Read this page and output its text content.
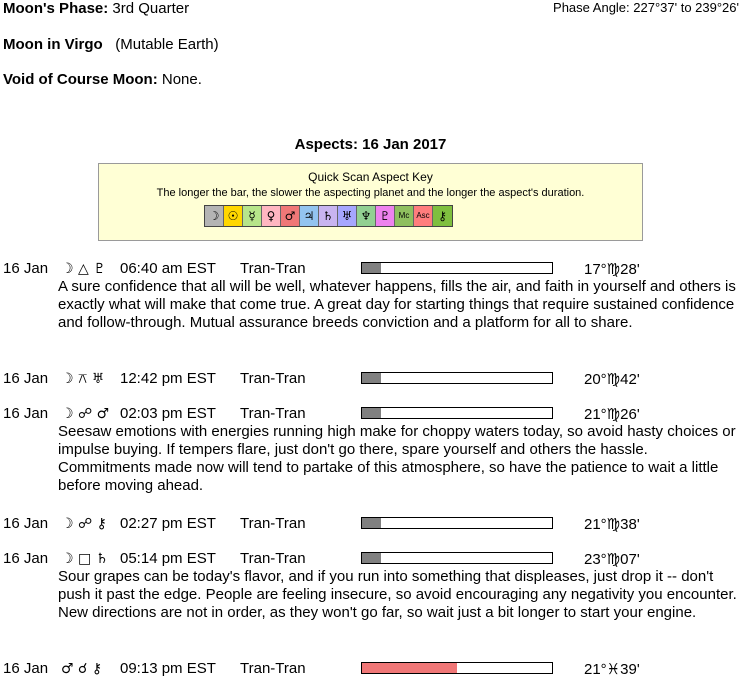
Moon's Phase: 3rd Quarter	Phase Angle: 227°37' to 239°26'
Moon in Virgo (Mutable Earth)
Void of Course Moon: None.
Aspects: 16 Jan 2017
Quick Scan Aspect Key
The longer the bar, the slower the aspecting planet and the longer the aspect's duration.
☽ ☉ ☿ ♀ ♂ ♃ ♄ ♅ ♆ ♇	Mc Asc ⚷
16 Jan ☽ △ ♇ 06:40 am EST Tran-Tran	17°♍28'
A sure confidence that all will be well, whatever happens, fills the air, and faith in yourself and others is exactly what will make that come true. A great day for starting things that require sustained confidence and follow-through. Mutual assurance breeds conviction and a platform for all to share.
16 Jan ☽ ⚻ ♅ 12:42 pm EST Tran-Tran	20°♍42'
16 Jan ☽ ☍ ♂ 02:03 pm EST Tran-Tran	21°♍26'
Seesaw emotions with energies running high make for choppy waters today, so avoid hasty choices or impulse buying. If tempers flare, just don't go there, spare yourself and others the hassle. Commitments made now will tend to partake of this atmosphere, so have the patience to wait a little before moving ahead.
16 Jan ☽ ☍ ⚷ 02:27 pm EST Tran-Tran	21°♍38'
16 Jan ☽ □ ♄ 05:14 pm EST Tran-Tran	23°♍07'
Sour grapes can be today's flavor, and if you run into something that displeases, just drop it -- don't push it past the edge. People are feeling insecure, so avoid encouraging any negativity you encounter. New directions are not in order, as they won't go far, so wait just a bit longer to start your engine.
16 Jan ♂ ☌ ⚷ 09:13 pm EST Tran-Tran	21°♓39'
